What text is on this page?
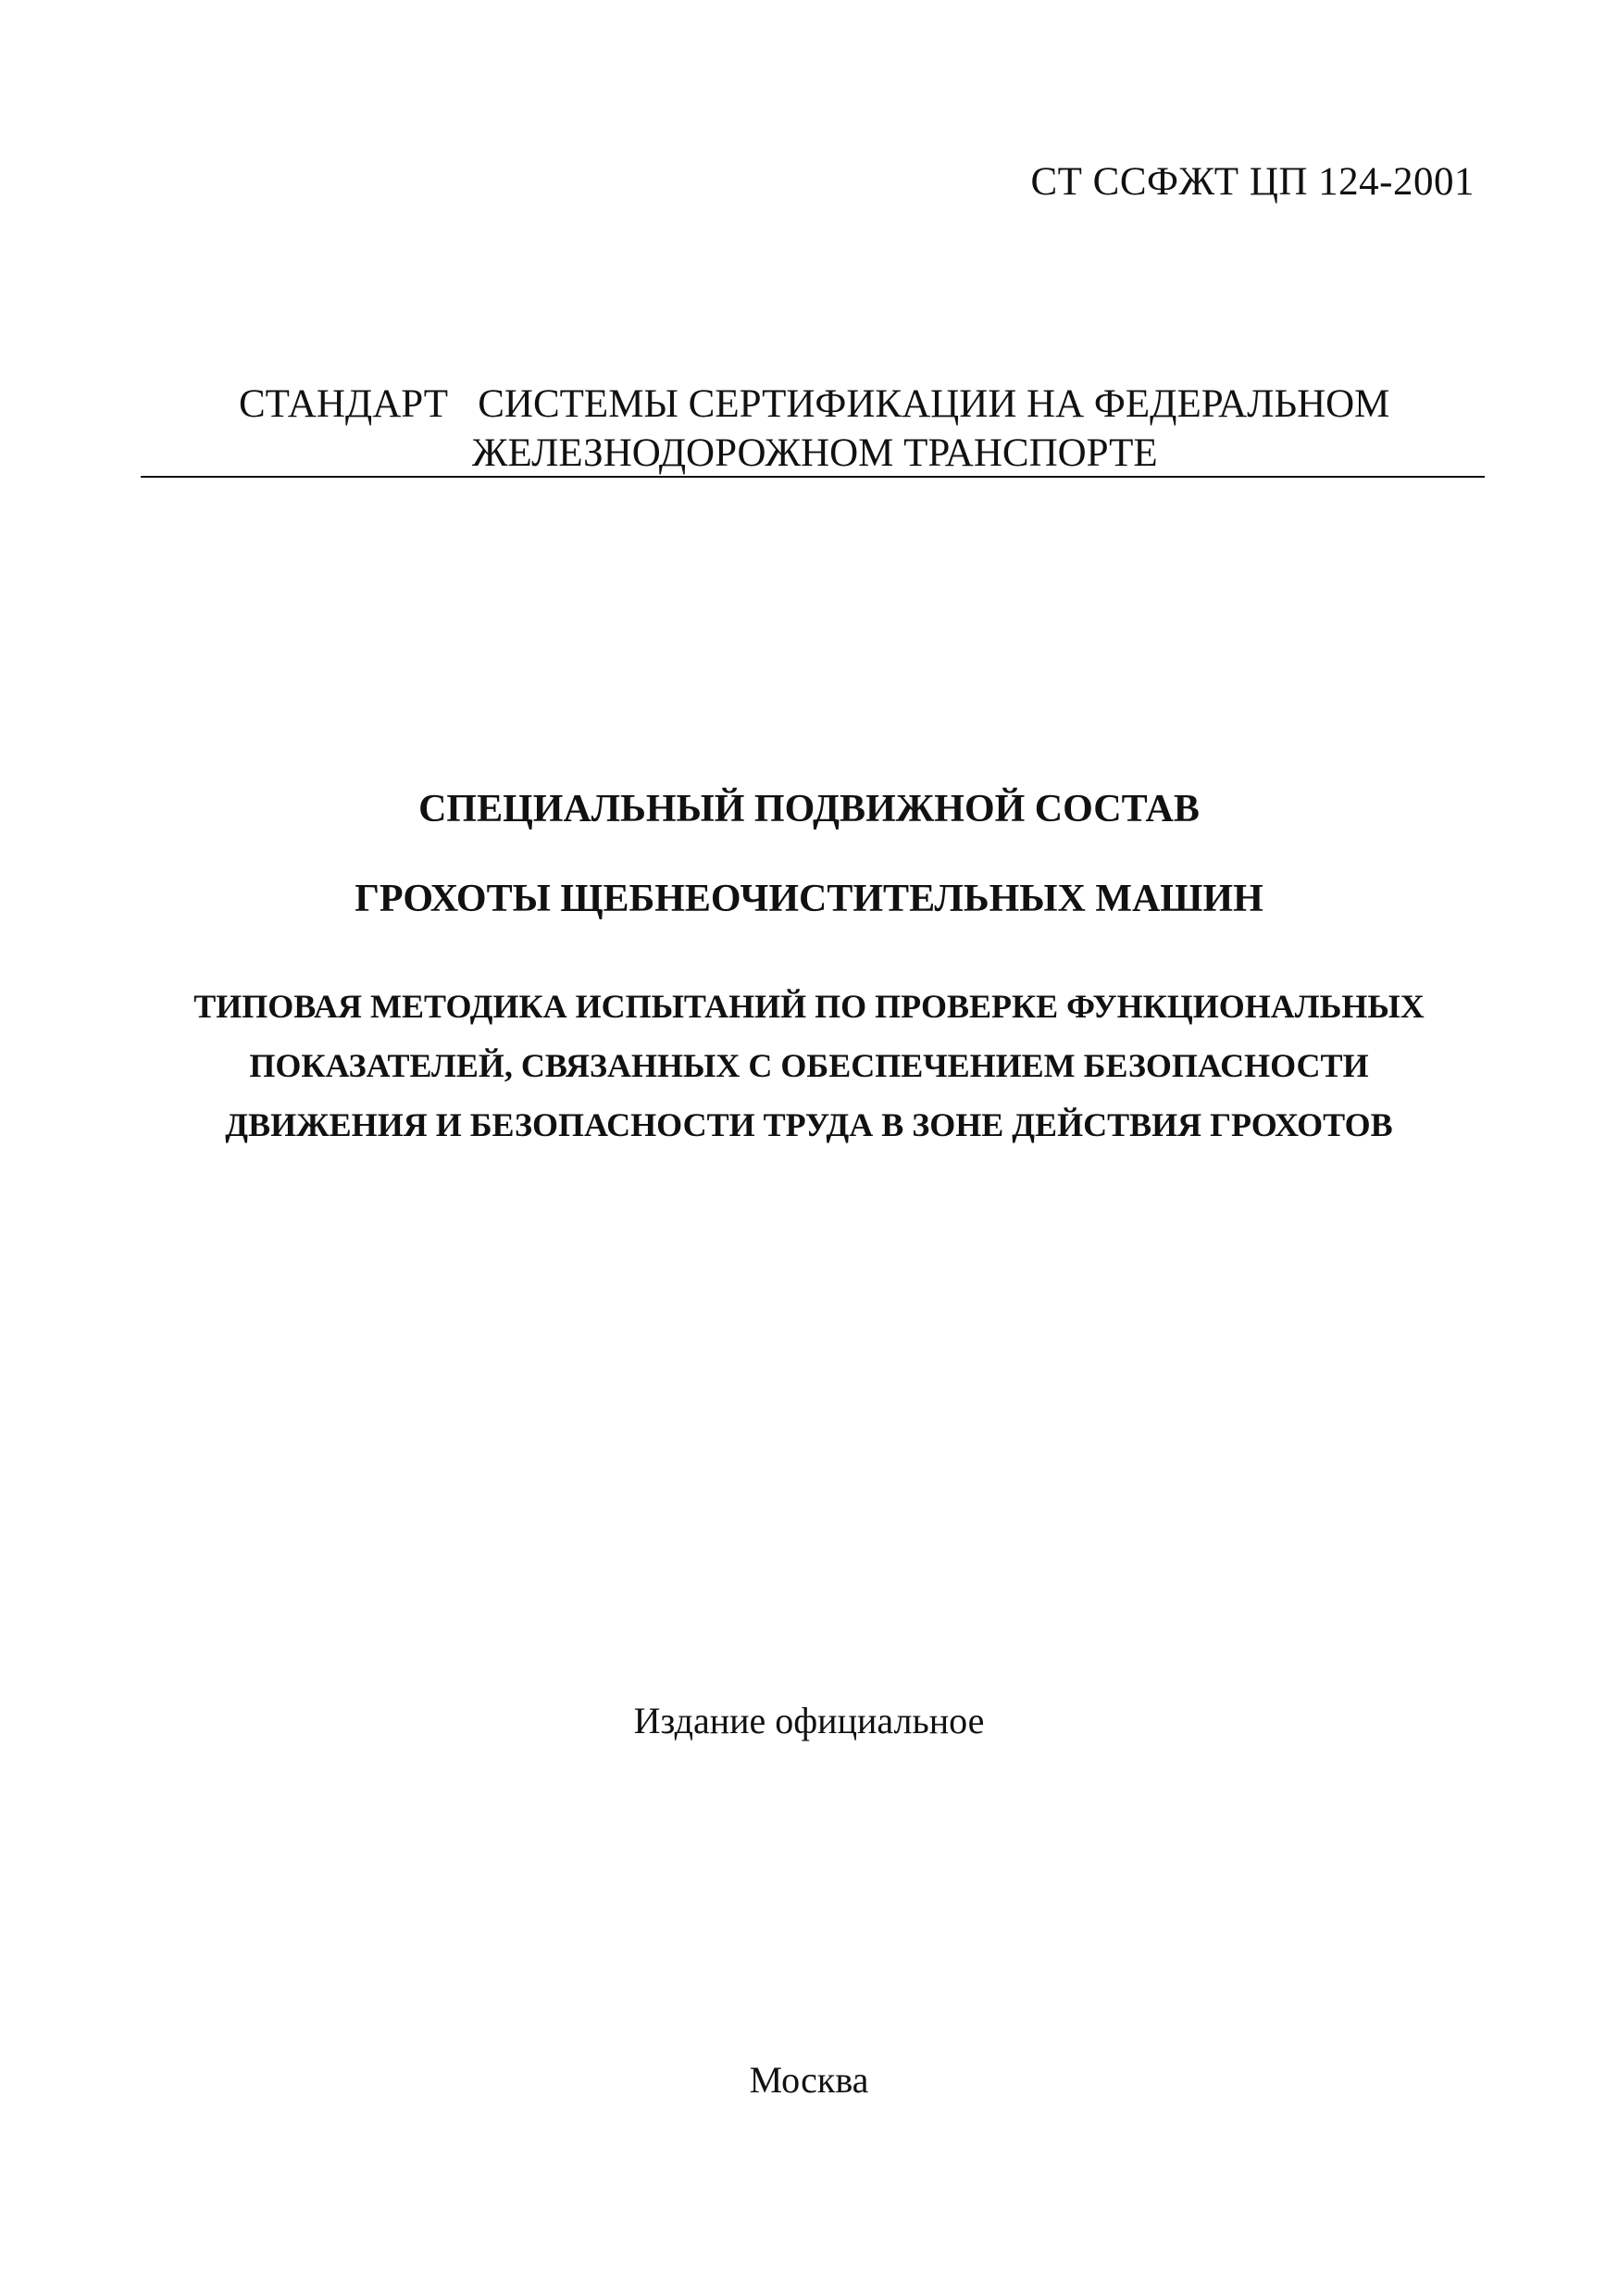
СТ ССФЖТ ЦП 124-2001
СТАНДАРТ   СИСТЕМЫ СЕРТИФИКАЦИИ НА ФЕДЕРАЛЬНОМ
ЖЕЛЕЗНОДОРОЖНОМ ТРАНСПОРТЕ
СПЕЦИАЛЬНЫЙ ПОДВИЖНОЙ СОСТАВ
ГРОХОТЫ ЩЕБНЕОЧИСТИТЕЛЬНЫХ МАШИН
ТИПОВАЯ МЕТОДИКА ИСПЫТАНИЙ ПО ПРОВЕРКЕ ФУНКЦИОНАЛЬНЫХ
ПОКАЗАТЕЛЕЙ, СВЯЗАННЫХ С ОБЕСПЕЧЕНИЕМ БЕЗОПАСНОСТИ
ДВИЖЕНИЯ И БЕЗОПАСНОСТИ ТРУДА В ЗОНЕ ДЕЙСТВИЯ ГРОХОТОВ
Издание официальное
Москва
